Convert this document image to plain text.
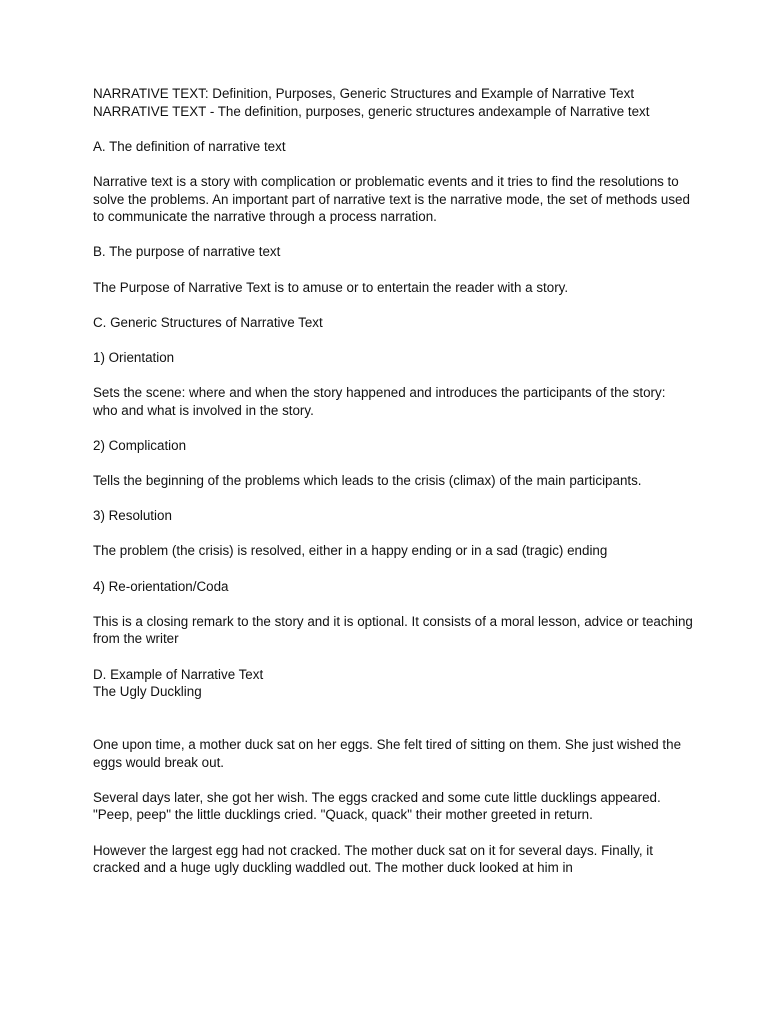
NARRATIVE TEXT: Definition, Purposes, Generic Structures and Example of Narrative Text

NARRATIVE TEXT - The definition, purposes, generic structures andexample of Narrative text

A. The definition of narrative text

Narrative text is a story with complication or problematic events and it tries to find the resolutions to solve the problems. An important part of narrative text is the narrative mode, the set of methods used to communicate the narrative through a process narration.

B. The purpose of narrative text

The Purpose of Narrative Text is to amuse or to entertain the reader with a story.

C. Generic Structures of Narrative Text

1) Orientation

Sets the scene: where and when the story happened and introduces the participants of the story: who and what is involved in the story.

2) Complication

Tells the beginning of the problems which leads to the crisis (climax) of the main participants.

3) Resolution

The problem (the crisis) is resolved, either in a happy ending or in a sad (tragic) ending

4) Re-orientation/Coda

This is a closing remark to the story and it is optional. It consists of a moral lesson, advice or teaching from the writer

D. Example of Narrative Text

The Ugly Duckling

One upon time, a mother duck sat on her eggs. She felt tired of sitting on them. She just wished the eggs would break out.

Several days later, she got her wish. The eggs cracked and some cute little ducklings appeared. "Peep, peep" the little ducklings cried. "Quack, quack" their mother greeted in return.

However the largest egg had not cracked. The mother duck sat on it for several days. Finally, it cracked and a huge ugly duckling waddled out. The mother duck looked at him in
